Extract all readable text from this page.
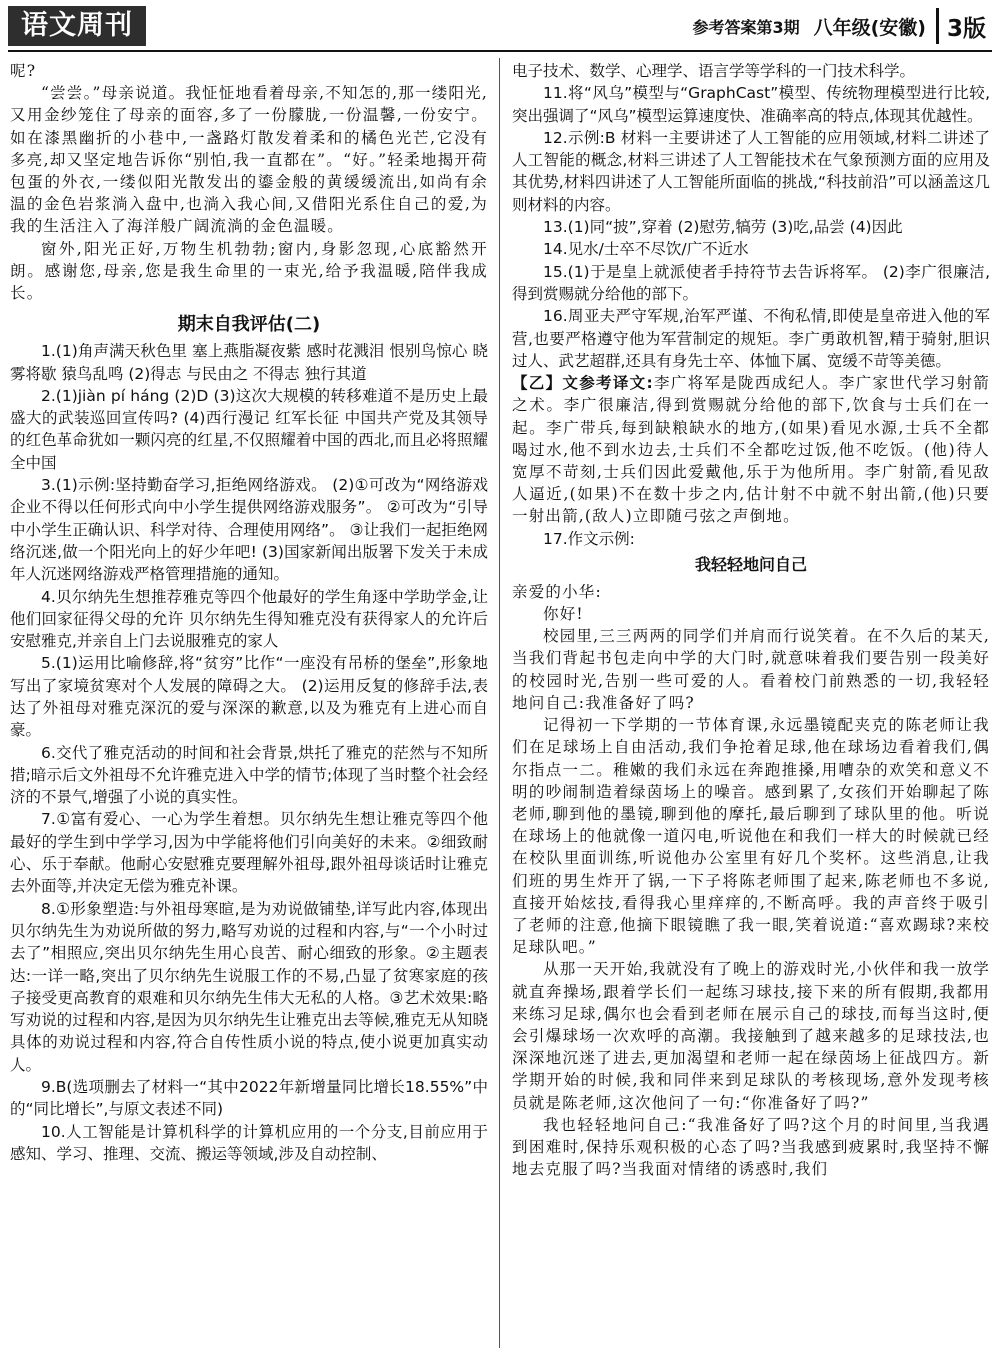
语文周刊	参考答案第3期 八年级(安徽) 3版

呢?

“尝尝。”母亲说道。我怔怔地看着母亲,不知怎的,那一缕阳光,又用金纱笼住了母亲的面容,多了一份朦胧,一份温馨,一份安宁。如在漆黑幽折的小巷中,一盏路灯散发着柔和的橘色光芒,它没有多亮,却又坚定地告诉你“别怕,我一直都在”。“好。”轻柔地揭开荷包蛋的外衣,一缕似阳光散发出的鎏金般的黄缓缓流出,如尚有余温的金色岩浆淌入盘中,也淌入我心间,又借阳光系住自己的爱,为我的生活注入了海洋般广阔流淌的金色温暖。

窗外,阳光正好,万物生机勃勃;窗内,身影忽现,心底豁然开朗。感谢您,母亲,您是我生命里的一束光,给予我温暖,陪伴我成长。

期末自我评估(二)

1.(1)角声满天秋色里 塞上燕脂凝夜紫 感时花溅泪 恨别鸟惊心 晓雾将歇 猿鸟乱鸣 (2)得志 与民由之 不得志 独行其道

2.(1)jiàn pí háng (2)D (3)这次大规模的转移难道不是历史上最盛大的武装巡回宣传吗? (4)西行漫记 红军长征 中国共产党及其领导的红色革命犹如一颗闪亮的红星,不仅照耀着中国的西北,而且必将照耀全中国

3.(1)示例:坚持勤奋学习,拒绝网络游戏。 (2)①可改为“网络游戏企业不得以任何形式向中小学生提供网络游戏服务”。 ②可改为“引导中小学生正确认识、科学对待、合理使用网络”。 ③让我们一起拒绝网络沉迷,做一个阳光向上的好少年吧! (3)国家新闻出版署下发关于未成年人沉迷网络游戏严格管理措施的通知。

4.贝尔纳先生想推荐雅克等四个他最好的学生角逐中学助学金,让他们回家征得父母的允许 贝尔纳先生得知雅克没有获得家人的允许后安慰雅克,并亲自上门去说服雅克的家人

5.(1)运用比喻修辞,将“贫穷”比作“一座没有吊桥的堡垒”,形象地写出了家境贫寒对个人发展的障碍之大。 (2)运用反复的修辞手法,表达了外祖母对雅克深沉的爱与深深的歉意,以及为雅克有上进心而自豪。

6.交代了雅克活动的时间和社会背景,烘托了雅克的茫然与不知所措;暗示后文外祖母不允许雅克进入中学的情节;体现了当时整个社会经济的不景气,增强了小说的真实性。

7.①富有爱心、一心为学生着想。贝尔纳先生想让雅克等四个他最好的学生到中学学习,因为中学能将他们引向美好的未来。②细致耐心、乐于奉献。他耐心安慰雅克要理解外祖母,跟外祖母谈话时让雅克去外面等,并决定无偿为雅克补课。

8.①形象塑造:与外祖母寒暄,是为劝说做铺垫,详写此内容,体现出贝尔纳先生为劝说所做的努力,略写劝说的过程和内容,与“一个小时过去了”相照应,突出贝尔纳先生用心良苦、耐心细致的形象。②主题表达:一详一略,突出了贝尔纳先生说服工作的不易,凸显了贫寒家庭的孩子接受更高教育的艰难和贝尔纳先生伟大无私的人格。③艺术效果:略写劝说的过程和内容,是因为贝尔纳先生让雅克出去等候,雅克无从知晓具体的劝说过程和内容,符合自传性质小说的特点,使小说更加真实动人。

9.B(选项删去了材料一“其中2022年新增量同比增长18.55%”中的“同比增长”,与原文表述不同)

10.人工智能是计算机科学的计算机应用的一个分支,目前应用于感知、学习、推理、交流、搬运等领域,涉及自动控制、

电子技术、数学、心理学、语言学等学科的一门技术科学。

11.将“风乌”模型与“GraphCast”模型、传统物理模型进行比较,突出强调了“风乌”模型运算速度快、准确率高的特点,体现其优越性。

12.示例:B 材料一主要讲述了人工智能的应用领域,材料二讲述了人工智能的概念,材料三讲述了人工智能技术在气象预测方面的应用及其优势,材料四讲述了人工智能所面临的挑战,“科技前沿”可以涵盖这几则材料的内容。

13.(1)同“披”,穿着 (2)慰劳,犒劳 (3)吃,品尝 (4)因此

14.见水/士卒不尽饮/广不近水

15.(1)于是皇上就派使者手持符节去告诉将军。 (2)李广很廉洁,得到赏赐就分给他的部下。

16.周亚夫严守军规,治军严谨、不徇私情,即使是皇帝进入他的军营,也要严格遵守他为军营制定的规矩。李广勇敢机智,精于骑射,胆识过人、武艺超群,还具有身先士卒、体恤下属、宽缓不苛等美德。

【乙】文参考译文:李广将军是陇西成纪人。李广家世代学习射箭之术。李广很廉洁,得到赏赐就分给他的部下,饮食与士兵们在一起。李广带兵,每到缺粮缺水的地方,(如果)看见水源,士兵不全都喝过水,他不到水边去,士兵们不全都吃过饭,他不吃饭。(他)待人宽厚不苛刻,士兵们因此爱戴他,乐于为他所用。李广射箭,看见敌人逼近,(如果)不在数十步之内,估计射不中就不射出箭,(他)只要一射出箭,(敌人)立即随弓弦之声倒地。

17.作文示例:

我轻轻地问自己

亲爱的小华:

你好!

校园里,三三两两的同学们并肩而行说笑着。在不久后的某天,当我们背起书包走向中学的大门时,就意味着我们要告别一段美好的校园时光,告别一些可爱的人。看着校门前熟悉的一切,我轻轻地问自己:我准备好了吗?

记得初一下学期的一节体育课,永远墨镜配夹克的陈老师让我们在足球场上自由活动,我们争抢着足球,他在球场边看着我们,偶尔指点一二。稚嫩的我们永远在奔跑推搡,用嘈杂的欢笑和意义不明的吵闹制造着绿茵场上的噪音。感到累了,女孩们开始聊起了陈老师,聊到他的墨镜,聊到他的摩托,最后聊到了球队里的他。听说在球场上的他就像一道闪电,听说他在和我们一样大的时候就已经在校队里面训练,听说他办公室里有好几个奖杯。这些消息,让我们班的男生炸开了锅,一下子将陈老师围了起来,陈老师也不多说,直接开始炫技,看得我心里痒痒的,不断高呼。我的声音终于吸引了老师的注意,他摘下眼镜瞧了我一眼,笑着说道:“喜欢踢球?来校足球队吧。”

从那一天开始,我就没有了晚上的游戏时光,小伙伴和我一放学就直奔操场,跟着学长们一起练习球技,接下来的所有假期,我都用来练习足球,偶尔也会看到老师在展示自己的球技,而每当这时,便会引爆球场一次欢呼的高潮。我接触到了越来越多的足球技法,也深深地沉迷了进去,更加渴望和老师一起在绿茵场上征战四方。新学期开始的时候,我和同伴来到足球队的考核现场,意外发现考核员就是陈老师,这次他问了一句:“你准备好了吗?”

我也轻轻地问自己:“我准备好了吗?这个月的时间里,当我遇到困难时,保持乐观积极的心态了吗?当我感到疲累时,我坚持不懈地去克服了吗?当我面对情绪的诱惑时,我们
